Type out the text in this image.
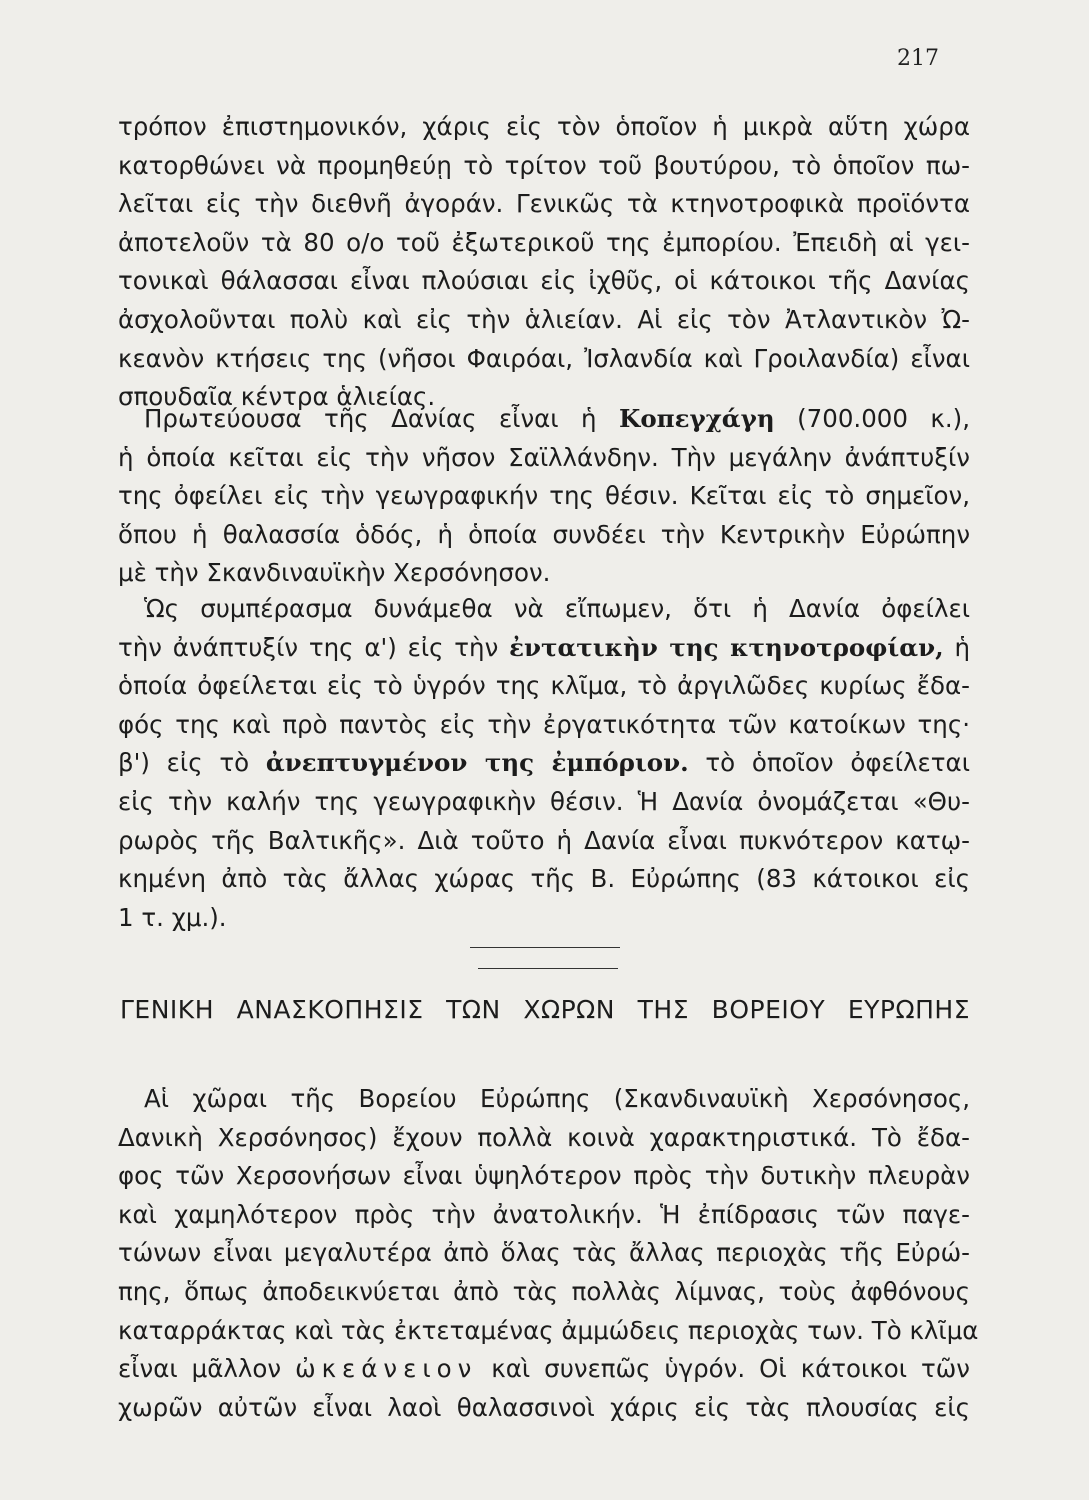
217
τρόπον ἐπιστημονικόν, χάρις εἰς τὸν ὁποῖον ἡ μικρὰ αὕτη χώρα
κατορθώνει νὰ προμηθεύῃ τὸ τρίτον τοῦ βουτύρου, τὸ ὁποῖον πω-
λεῖται εἰς τὴν διεθνῆ ἀγοράν. Γενικῶς τὰ κτηνοτροφικὰ προϊόντα
ἀποτελοῦν τὰ 80 ο/ο τοῦ ἐξωτερικοῦ της ἐμπορίου. Ἐπειδὴ αἱ γει-
τονικαὶ θάλασσαι εἶναι πλούσιαι εἰς ἰχθῦς, οἱ κάτοικοι τῆς Δανίας
ἀσχολοῦνται πολὺ καὶ εἰς τὴν ἁλιείαν. Αἱ εἰς τὸν Ἀτλαντικὸν Ὠ-
κεανὸν κτήσεις της (νῆσοι Φαιρόαι, Ἰσλανδία καὶ Γροιλανδία) εἶναι
σπουδαῖα κέντρα ἁλιείας.
Πρωτεύουσα τῆς Δανίας εἶναι ἡ Κοπεγχάγη (700.000 κ.),
ἡ ὁποία κεῖται εἰς τὴν νῆσον Σαϊλλάνδην. Τὴν μεγάλην ἀνάπτυξίν
της ὀφείλει εἰς τὴν γεωγραφικήν της θέσιν. Κεῖται εἰς τὸ σημεῖον,
ὅπου ἡ θαλασσία ὁδός, ἡ ὁποία συνδέει τὴν Κεντρικὴν Εὐρώπην
μὲ τὴν Σκανδιναυϊκὴν Χερσόνησον.
Ὡς συμπέρασμα δυνάμεθα νὰ εἴπωμεν, ὅτι ἡ Δανία ὀφείλει
τὴν ἀνάπτυξίν της α') εἰς τὴν ἐντατικὴν της κτηνοτροφίαν, ἡ
ὁποία ὀφείλεται εἰς τὸ ὑγρόν της κλῖμα, τὸ ἀργιλῶδες κυρίως ἔδα-
φός της καὶ πρὸ παντὸς εἰς τὴν ἐργατικότητα τῶν κατοίκων της·
β') εἰς τὸ ἀνεπτυγμένον της ἐμπόριον. τὸ ὁποῖον ὀφείλεται
εἰς τὴν καλήν της γεωγραφικὴν θέσιν. Ἡ Δανία ὀνομάζεται «Θυ-
ρωρὸς τῆς Βαλτικῆς». Διὰ τοῦτο ἡ Δανία εἶναι πυκνότερον κατῳ-
κημένη ἀπὸ τὰς ἄλλας χώρας τῆς Β. Εὐρώπης (83 κάτοικοι εἰς
1 τ. χμ.).
ΓΕΝΙΚΗ ΑΝΑΣΚΟΠΗΣΙΣ ΤΩΝ ΧΩΡΩΝ ΤΗΣ ΒΟΡΕΙΟΥ ΕΥΡΩΠΗΣ
Αἱ χῶραι τῆς Βορείου Εὐρώπης (Σκανδιναυϊκὴ Χερσόνησος,
Δανικὴ Χερσόνησος) ἔχουν πολλὰ κοινὰ χαρακτηριστικά. Τὸ ἔδα-
φος τῶν Χερσονήσων εἶναι ὑψηλότερον πρὸς τὴν δυτικὴν πλευρὰν
καὶ χαμηλότερον πρὸς τὴν ἀνατολικήν. Ἡ ἐπίδρασις τῶν παγε-
τώνων εἶναι μεγαλυτέρα ἀπὸ ὅλας τὰς ἄλλας περιοχὰς τῆς Εὐρώ-
πης, ὅπως ἀποδεικνύεται ἀπὸ τὰς πολλὰς λίμνας, τοὺς ἀφθόνους
καταρράκτας καὶ τὰς ἐκτεταμένας ἀμμώδεις περιοχὰς των. Τὸ κλῖμα
εἶναι μᾶλλον ὠκεάνειον καὶ συνεπῶς ὑγρόν. Οἱ κάτοικοι τῶν
χωρῶν αὐτῶν εἶναι λαοὶ θαλασσινοὶ χάρις εἰς τὰς πλουσίας εἰς
